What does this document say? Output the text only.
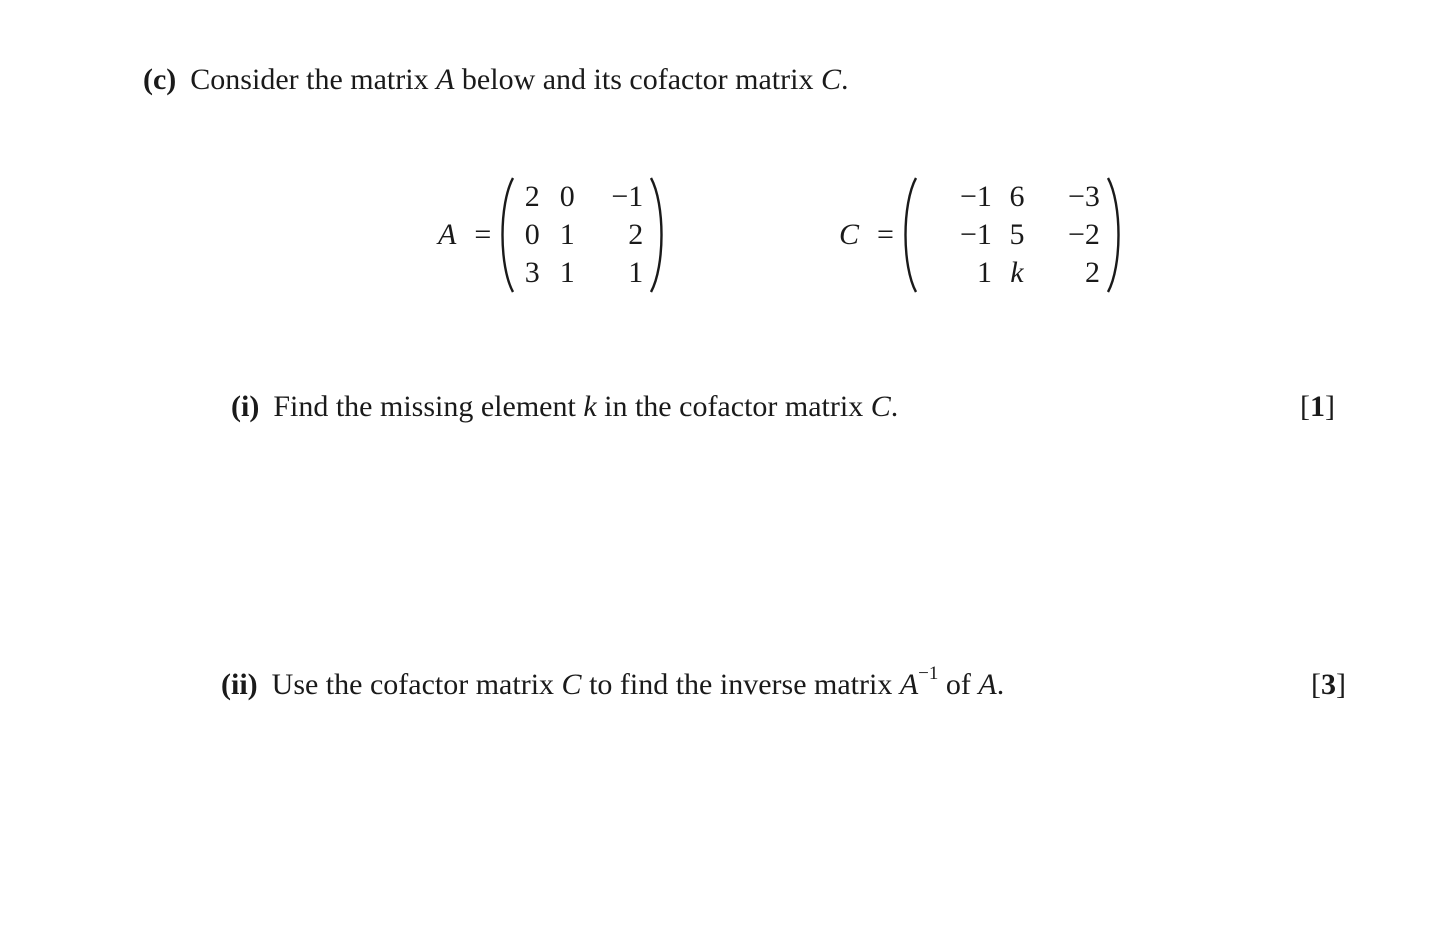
(c) Consider the matrix A below and its cofactor matrix C.
A =
2 0	−1
0 1	2
3 1	1
C =
−1 6	−3
−1 5	−2
1 k	2
(i) Find the missing element k in the cofactor matrix C.	[1]
(ii) Use the cofactor matrix C to find the inverse matrix $A^{-1}$ of A.	[3]
